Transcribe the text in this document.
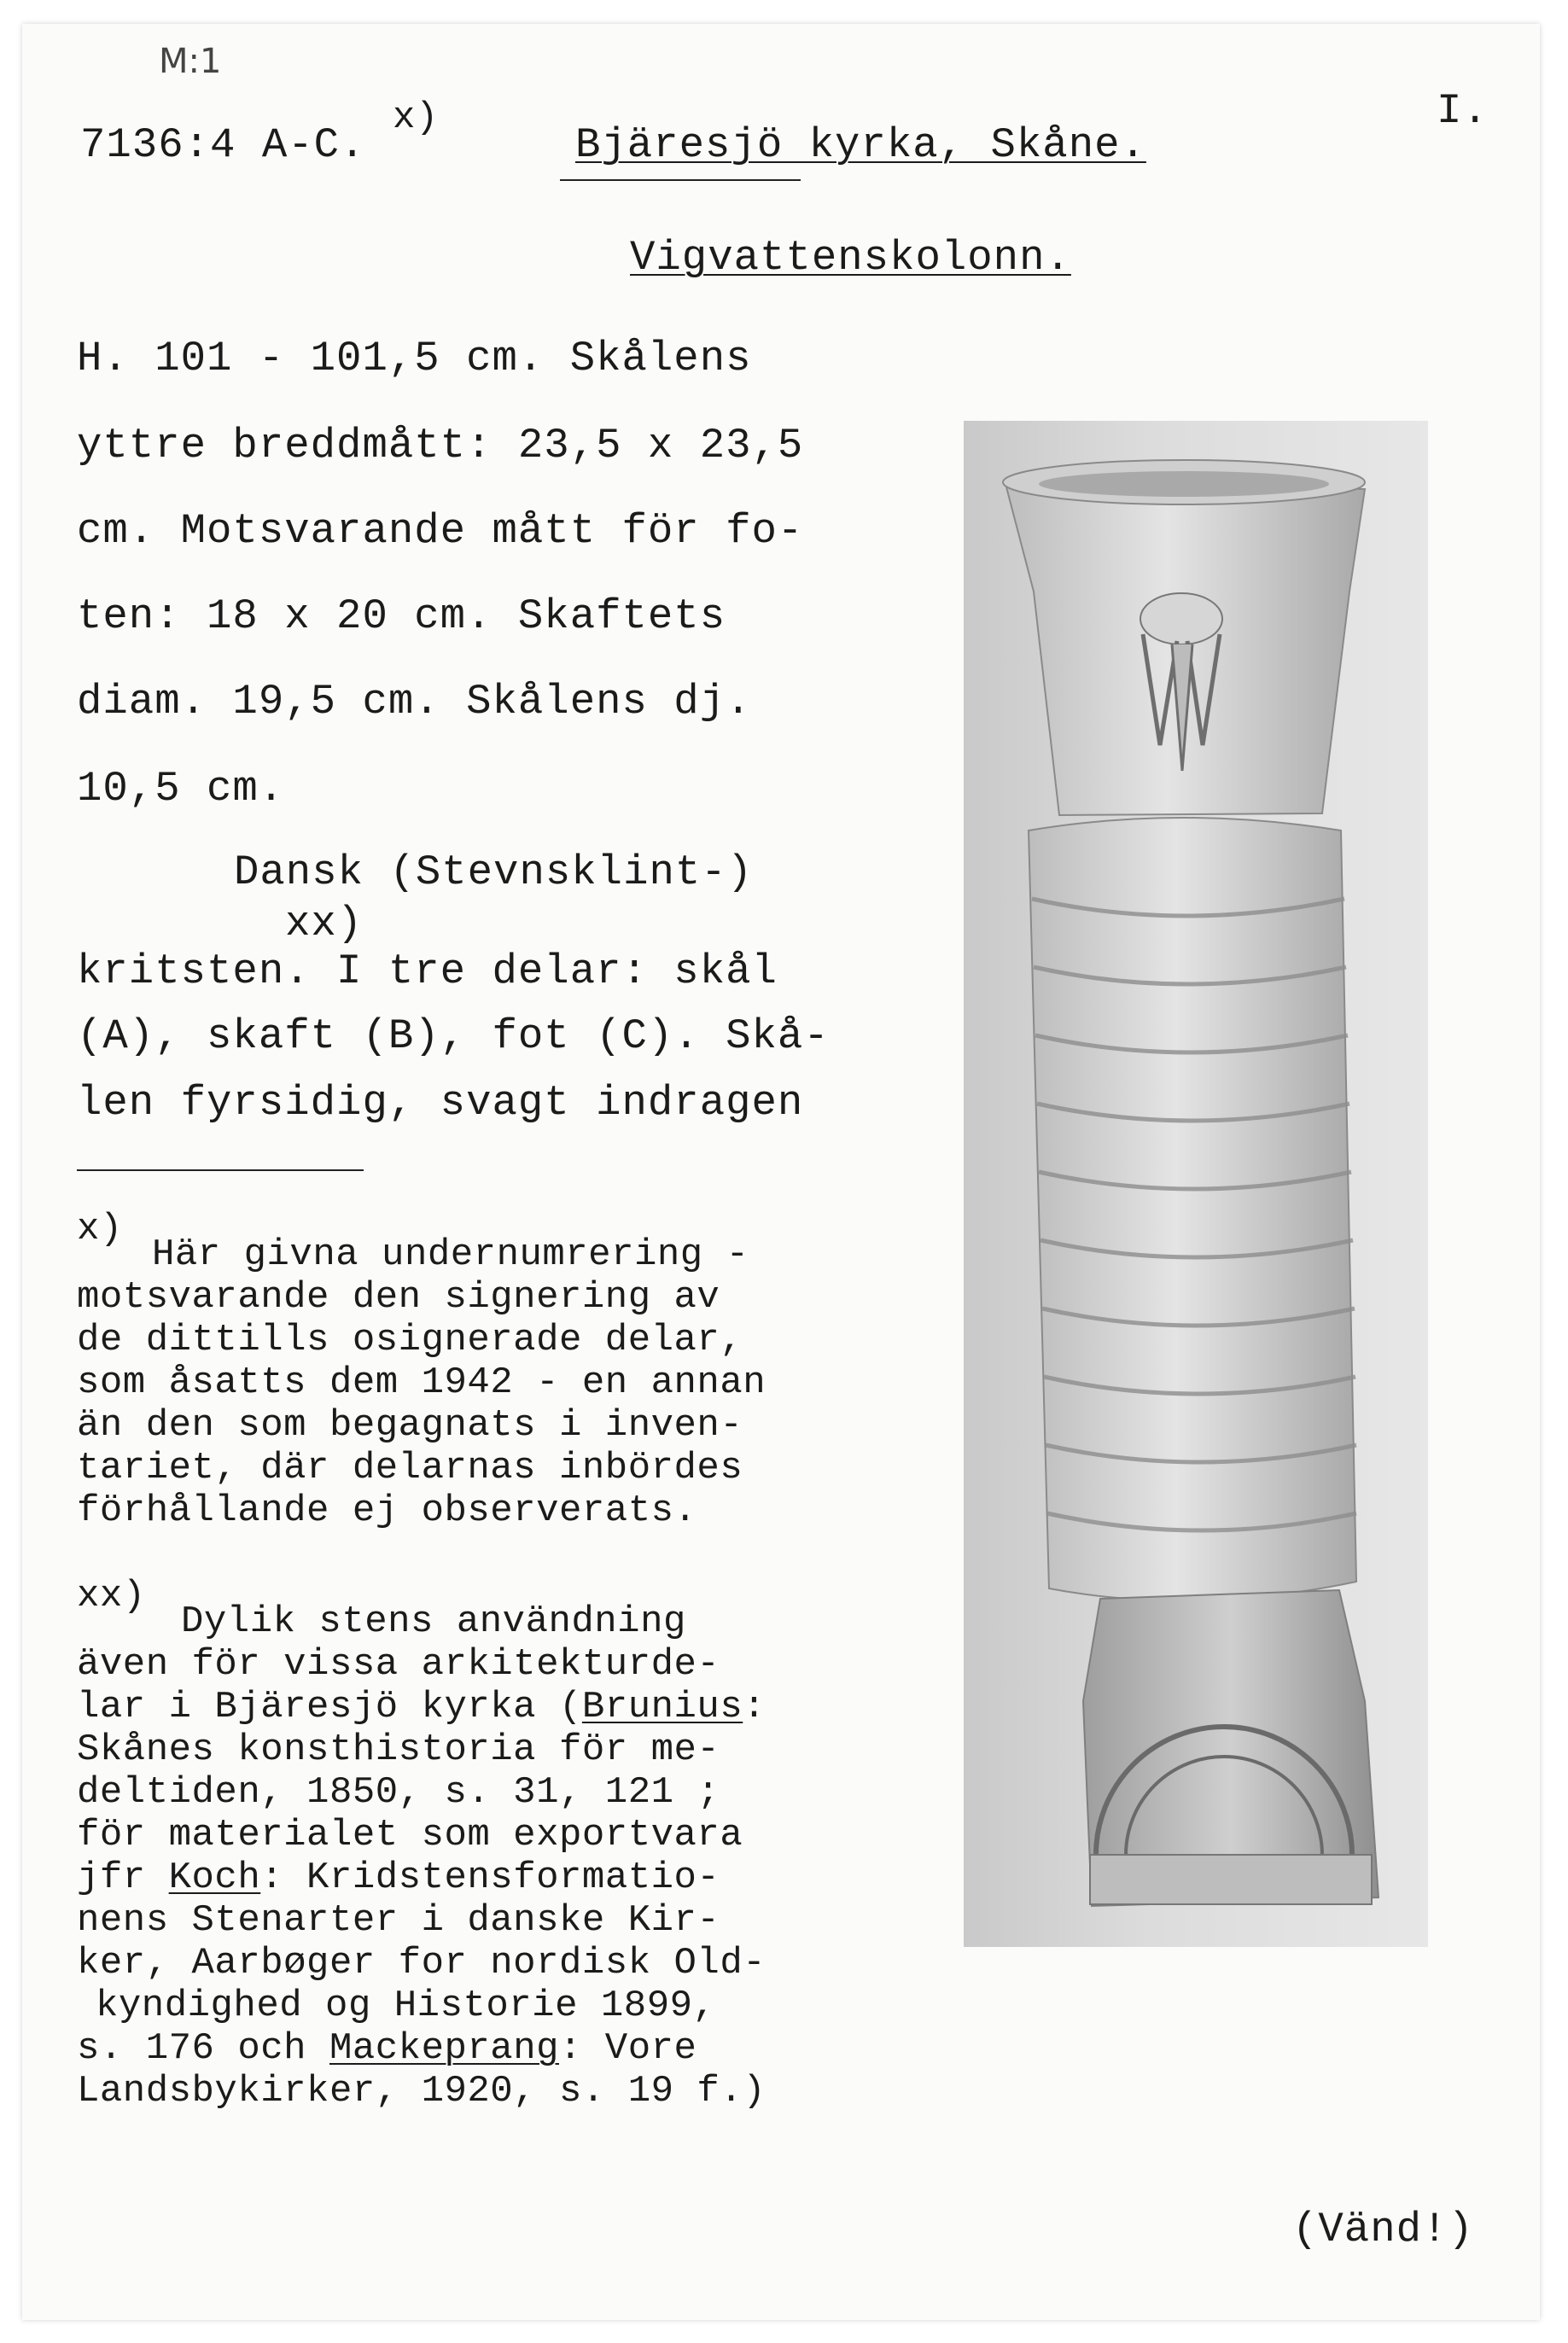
M:1
7136:4 A-C.
x)	I.
Bjäresjö kyrka, Skåne.
Vigvattenskolonn.
H. 101 - 101,5 cm. Skålens
yttre breddmått: 23,5 x 23,5
cm. Motsvarande mått för fo-
ten: 18 x 20 cm. Skaftets
diam. 19,5 cm. Skålens dj.
10,5 cm.
Dansk (Stevnsklint-)
xx)
kritsten. I tre delar: skål
(A), skaft (B), fot (C). Skå-
len fyrsidig, svagt indragen
x)
Här givna undernumrering -
motsvarande den signering av
de dittills osignerade delar,
som åsatts dem 1942 - en annan
än den som begagnats i inven-
tariet, där delarnas inbördes
förhållande ej observerats.
xx)
Dylik stens användning
även för vissa arkitekturde-
lar i Bjäresjö kyrka (Brunius:
Skånes konsthistoria för me-
deltiden, 1850, s. 31, 121 ;
för materialet som exportvara
jfr Koch: Kridstensformatio-
nens Stenarter i danske Kir-
ker, Aarbøger for nordisk Old-
kyndighed og Historie 1899,
s. 176 och Mackeprang: Vore
Landsbykirker, 1920, s. 19 f.)
(Vänd!)
